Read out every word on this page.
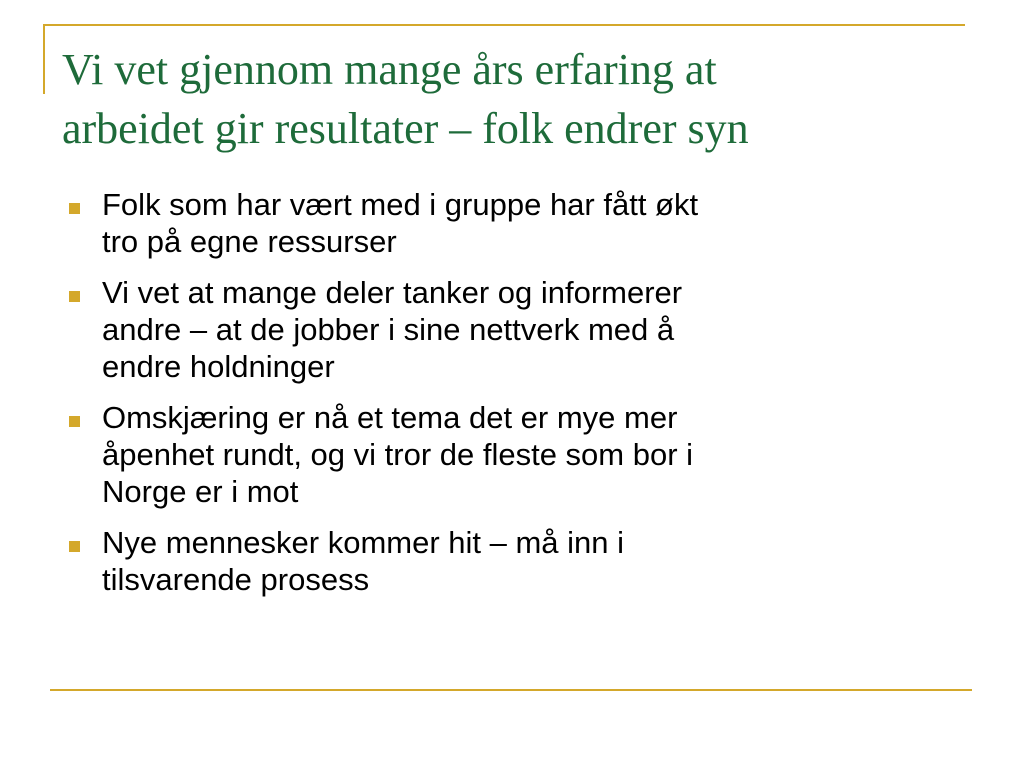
Vi vet gjennom mange års erfaring at
arbeidet gir resultater – folk endrer syn
Folk som har vært med i gruppe har fått økt
tro på egne ressurser
Vi vet at mange deler tanker og informerer
andre – at de jobber i sine nettverk med å
endre holdninger
Omskjæring er nå et tema det er mye mer
åpenhet rundt, og vi tror de fleste som bor i
Norge er i mot
Nye mennesker kommer hit – må inn i
tilsvarende prosess
